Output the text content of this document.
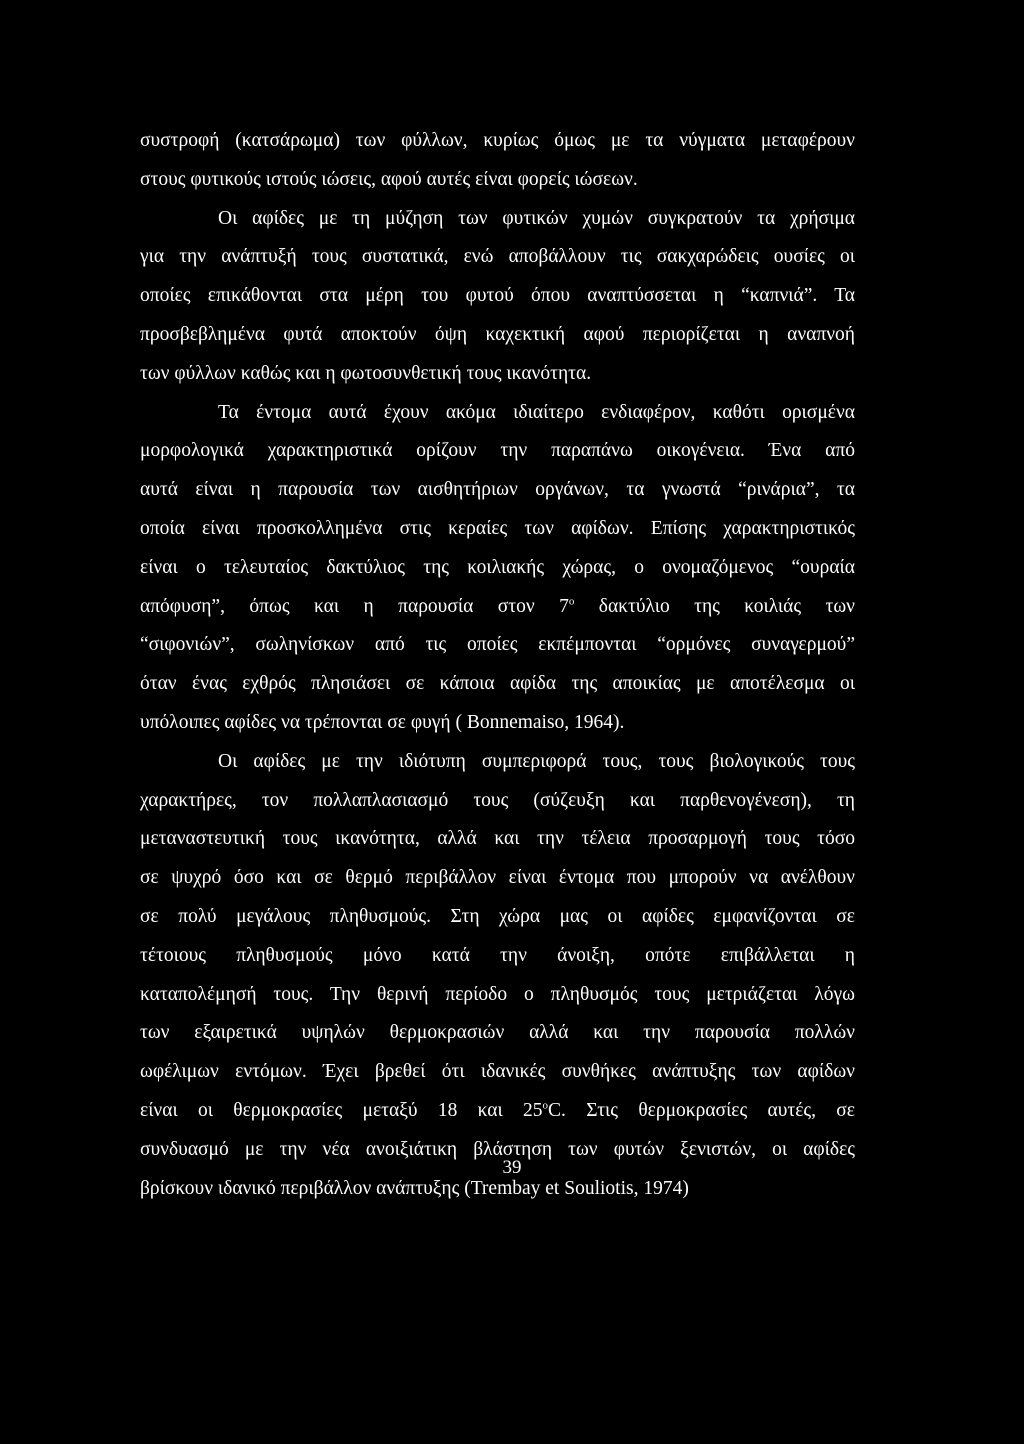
συστροφή (κατσάρωμα) των φύλλων, κυρίως όμως με τα νύγματα μεταφέρουν
στους φυτικούς ιστούς ιώσεις, αφού αυτές είναι φορείς ιώσεων.
Οι αφίδες με τη μύζηση των φυτικών χυμών συγκρατούν τα χρήσιμα
για την ανάπτυξή τους συστατικά, ενώ αποβάλλουν τις σακχαρώδεις ουσίες οι
οποίες επικάθονται στα μέρη του φυτού όπου αναπτύσσεται η “καπνιά”. Τα
προσβεβλημένα φυτά αποκτούν όψη καχεκτική αφού περιορίζεται η αναπνοή
των φύλλων καθώς και η φωτοσυνθετική τους ικανότητα.
Τα έντομα αυτά έχουν ακόμα ιδιαίτερο ενδιαφέρον, καθότι ορισμένα
μορφολογικά χαρακτηριστικά ορίζουν την παραπάνω οικογένεια. Ένα από
αυτά είναι η παρουσία των αισθητήριων οργάνων, τα γνωστά “ρινάρια”, τα
οποία είναι προσκολλημένα στις κεραίες των αφίδων. Επίσης χαρακτηριστικός
είναι ο τελευταίος δακτύλιος της κοιλιακής χώρας, ο ονομαζόμενος “ουραία
απόφυση”, όπως και η παρουσία στον $7^o$ δακτύλιο της κοιλιάς των
“σιφονιών”, σωληνίσκων από τις οποίες εκπέμπονται “ορμόνες συναγερμού”
όταν ένας εχθρός πλησιάσει σε κάποια αφίδα της αποικίας με αποτέλεσμα οι
υπόλοιπες αφίδες να τρέπονται σε φυγή ( Bonnemaiso, 1964).
Οι αφίδες με την ιδιότυπη συμπεριφορά τους, τους βιολογικούς τους
χαρακτήρες, τον πολλαπλασιασμό τους (σύζευξη και παρθενογένεση), τη
μεταναστευτική τους ικανότητα, αλλά και την τέλεια προσαρμογή τους τόσο
σε ψυχρό όσο και σε θερμό περιβάλλον είναι έντομα που μπορούν να ανέλθουν
σε πολύ μεγάλους πληθυσμούς. Στη χώρα μας οι αφίδες εμφανίζονται σε
τέτοιους πληθυσμούς μόνο κατά την άνοιξη, οπότε επιβάλλεται η
καταπολέμησή τους. Την θερινή περίοδο ο πληθυσμός τους μετριάζεται λόγω
των εξαιρετικά υψηλών θερμοκρασιών αλλά και την παρουσία πολλών
ωφέλιμων εντόμων. Έχει βρεθεί ότι ιδανικές συνθήκες ανάπτυξης των αφίδων
είναι οι θερμοκρασίες μεταξύ 18 και $25^oC$. Στις θερμοκρασίες αυτές, σε
συνδυασμό με την νέα ανοιξιάτικη βλάστηση των φυτών ξενιστών, οι αφίδες
βρίσκουν ιδανικό περιβάλλον ανάπτυξης (Trembay et Souliotis, 1974)
39
